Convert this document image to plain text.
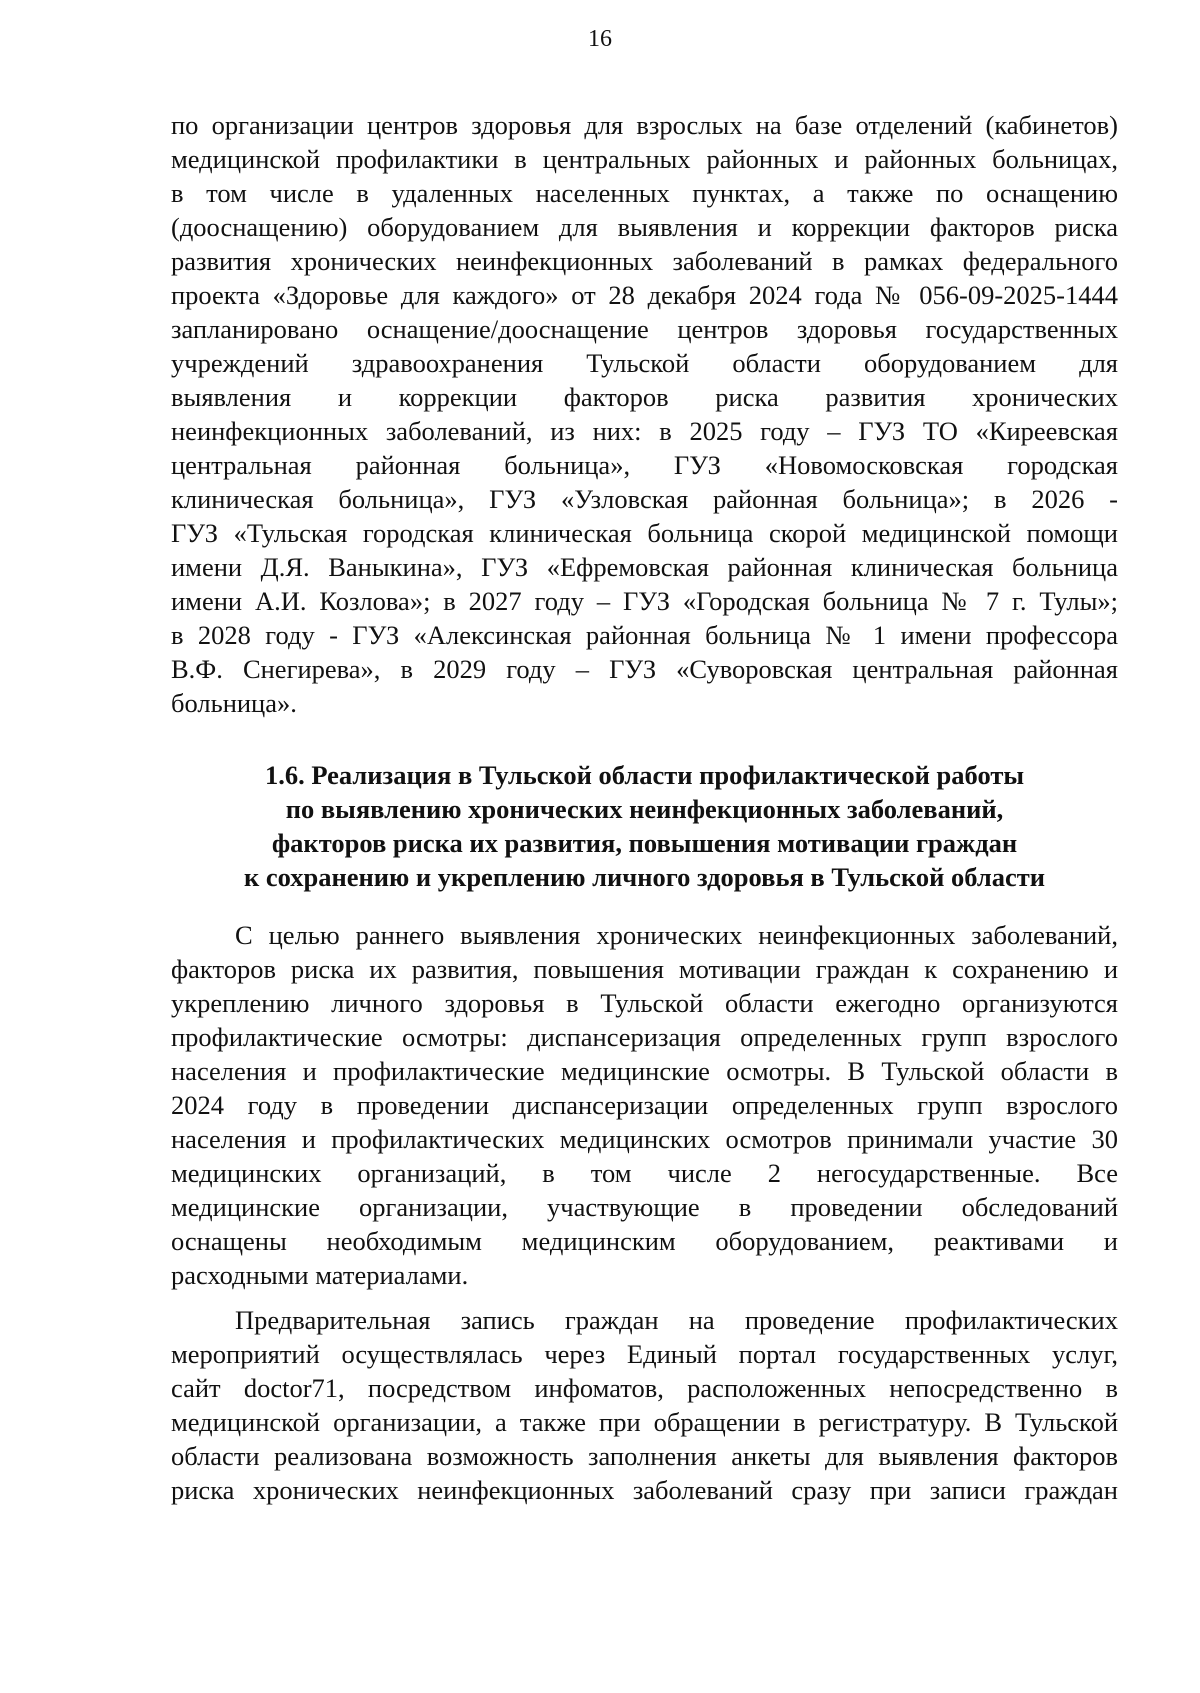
16
по организации центров здоровья для взрослых на базе отделений (кабинетов)
медицинской профилактики в центральных районных и районных больницах,
в том числе в удаленных населенных пунктах, а также по оснащению
(дооснащению) оборудованием для выявления и коррекции факторов риска
развития хронических неинфекционных заболеваний в рамках федерального
проекта «Здоровье для каждого» от 28 декабря 2024 года № 056-09-2025-1444
запланировано оснащение/дооснащение центров здоровья государственных
учреждений здравоохранения Тульской области оборудованием для
выявления и коррекции факторов риска развития хронических
неинфекционных заболеваний, из них: в 2025 году – ГУЗ ТО «Киреевская
центральная районная больница», ГУЗ «Новомосковская городская
клиническая больница», ГУЗ «Узловская районная больница»; в 2026 -
ГУЗ «Тульская городская клиническая больница скорой медицинской помощи
имени Д.Я. Ваныкина», ГУЗ «Ефремовская районная клиническая больница
имени А.И. Козлова»; в 2027 году – ГУЗ «Городская больница № 7 г. Тулы»;
в 2028 году - ГУЗ «Алексинская районная больница № 1 имени профессора
В.Ф. Снегирева», в 2029 году – ГУЗ «Суворовская центральная районная
больница».
1.6. Реализация в Тульской области профилактической работы
по выявлению хронических неинфекционных заболеваний,
факторов риска их развития, повышения мотивации граждан
к сохранению и укреплению личного здоровья в Тульской области
С целью раннего выявления хронических неинфекционных заболеваний,
факторов риска их развития, повышения мотивации граждан к сохранению и
укреплению личного здоровья в Тульской области ежегодно организуются
профилактические осмотры: диспансеризация определенных групп взрослого
населения и профилактические медицинские осмотры. В Тульской области в
2024 году в проведении диспансеризации определенных групп взрослого
населения и профилактических медицинских осмотров принимали участие 30
медицинских организаций, в том числе 2 негосударственные. Все
медицинские организации, участвующие в проведении обследований
оснащены необходимым медицинским оборудованием, реактивами и
расходными материалами.
Предварительная запись граждан на проведение профилактических
мероприятий осуществлялась через Единый портал государственных услуг,
сайт doctor71, посредством инфоматов, расположенных непосредственно в
медицинской организации, а также при обращении в регистратуру. В Тульской
области реализована возможность заполнения анкеты для выявления факторов
риска хронических неинфекционных заболеваний сразу при записи граждан
